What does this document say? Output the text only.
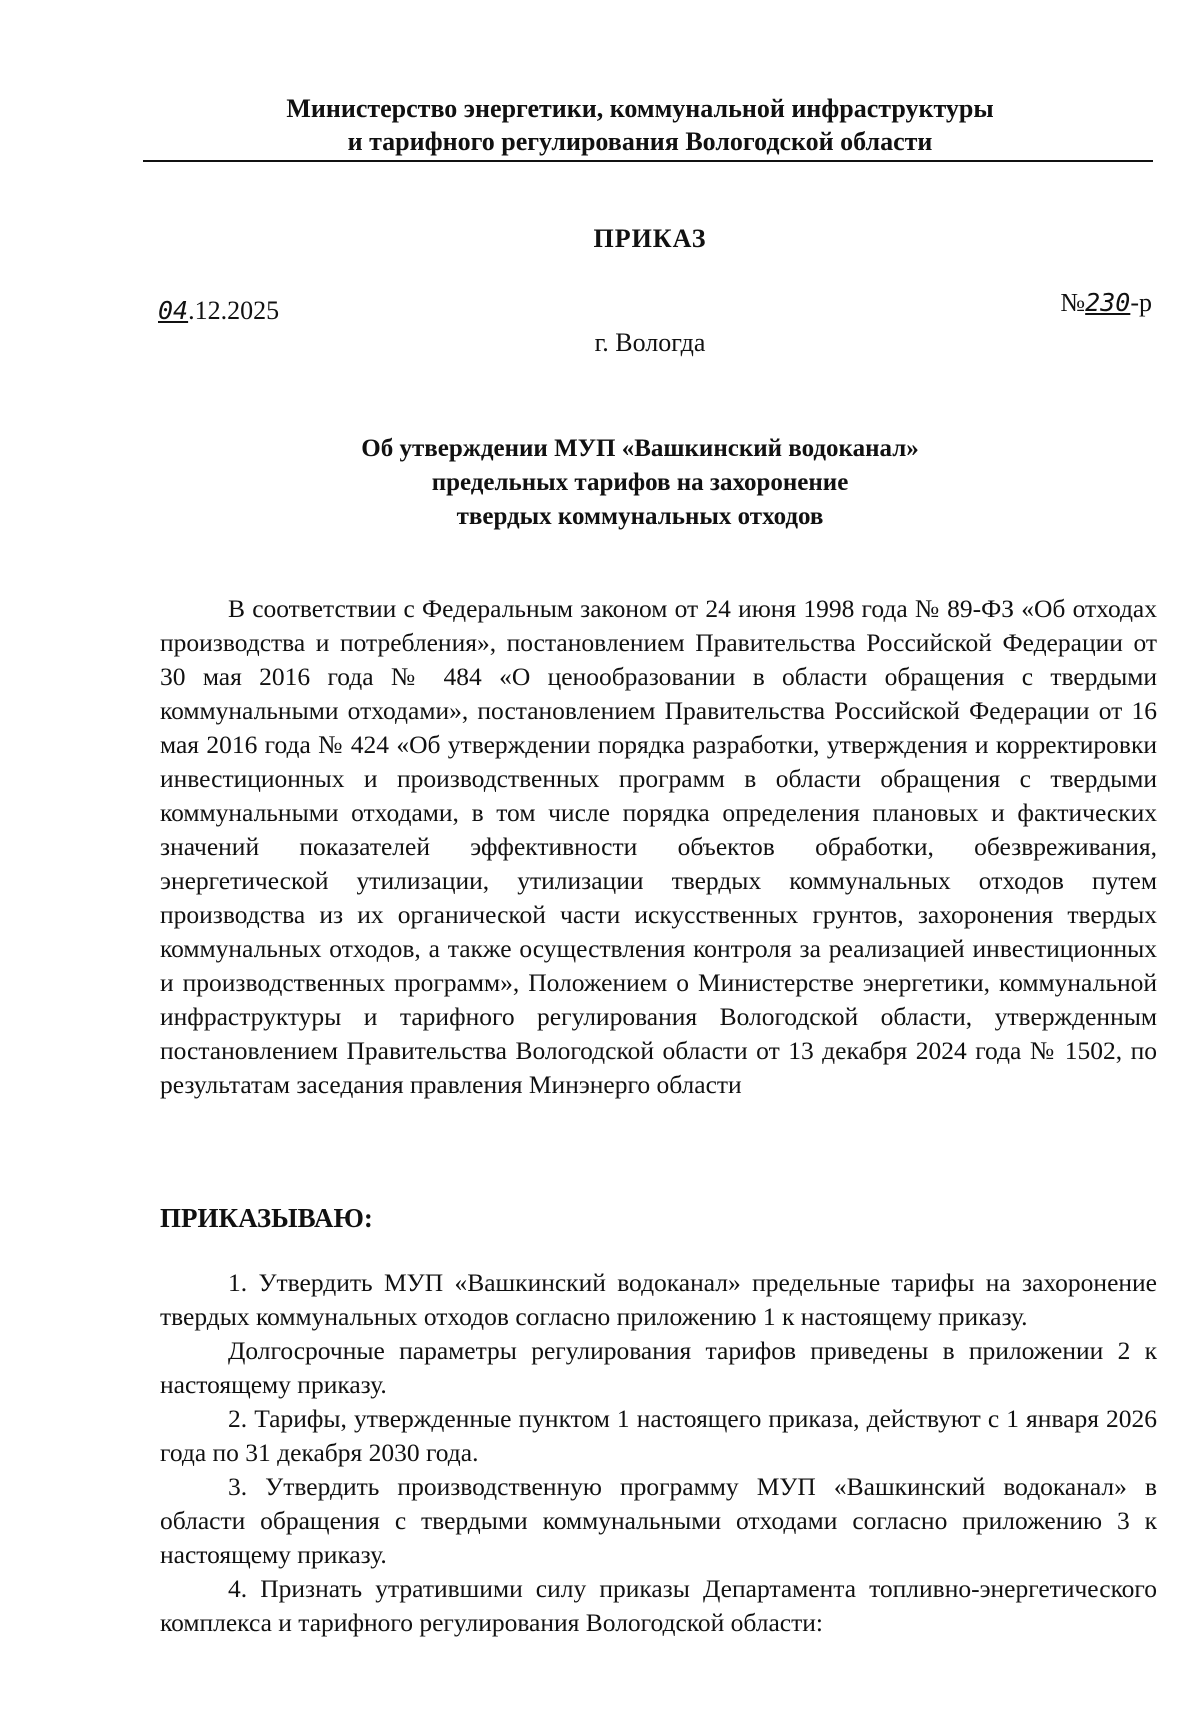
Министерство энергетики, коммунальной инфраструктуры
и тарифного регулирования Вологодской области
ПРИКАЗ
04.12.2025	№230-р
г. Вологда
Об утверждении МУП «Вашкинский водоканал»
предельных тарифов на захоронение
твердых коммунальных отходов

В соответствии с Федеральным законом от 24 июня 1998 года № 89-ФЗ «Об отходах производства и потребления», постановлением Правительства Российской Федерации от 30 мая 2016 года № 484 «О ценообразовании в области обращения с твердыми коммунальными отходами», постановлением Правительства Российской Федерации от 16 мая 2016 года № 424 «Об утверждении порядка разработки, утверждения и корректировки инвестиционных и производственных программ в области обращения с твердыми коммунальными отходами, в том числе порядка определения плановых и фактических значений показателей эффективности объектов обработки, обезвреживания, энергетической утилизации, утилизации твердых коммунальных отходов путем производства из их органической части искусственных грунтов, захоронения твердых коммунальных отходов, а также осуществления контроля за реализацией инвестиционных и производственных программ», Положением о Министерстве энергетики, коммунальной инфраструктуры и тарифного регулирования Вологодской области, утвержденным постановлением Правительства Вологодской области от 13 декабря 2024 года № 1502, по результатам заседания правления Минэнерго области

ПРИКАЗЫВАЮ:

1. Утвердить МУП «Вашкинский водоканал» предельные тарифы на захоронение твердых коммунальных отходов согласно приложению 1 к настоящему приказу.

Долгосрочные параметры регулирования тарифов приведены в приложении 2 к настоящему приказу.

2. Тарифы, утвержденные пунктом 1 настоящего приказа, действуют с 1 января 2026 года по 31 декабря 2030 года.

3. Утвердить производственную программу МУП «Вашкинский водоканал» в области обращения с твердыми коммунальными отходами согласно приложению 3 к настоящему приказу.

4. Признать утратившими силу приказы Департамента топливно-энергетического комплекса и тарифного регулирования Вологодской области:
